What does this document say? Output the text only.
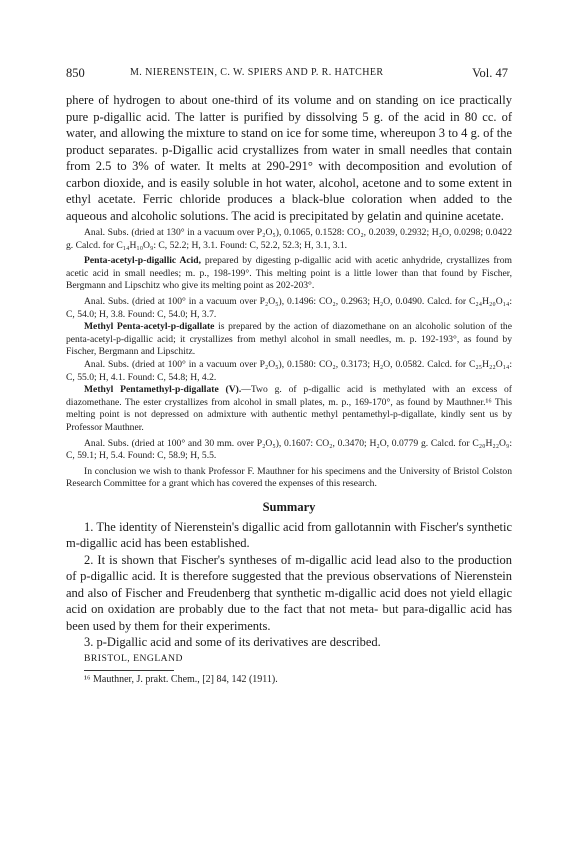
850	M. NIERENSTEIN, C. W. SPIERS AND P. R. HATCHER	Vol. 47

phere of hydrogen to about one-third of its volume and on standing on ice practically pure p-digallic acid. The latter is purified by dissolving 5 g. of the acid in 80 cc. of water, and allowing the mixture to stand on ice for some time, whereupon 3 to 4 g. of the product separates. p-Digallic acid crystallizes from water in small needles that contain from 2.5 to 3% of water. It melts at 290-291° with decomposition and evolution of carbon dioxide, and is easily soluble in hot water, alcohol, acetone and to some extent in ethyl acetate. Ferric chloride produces a black-blue coloration when added to the aqueous and alcoholic solutions. The acid is precipitated by gelatin and quinine acetate.

Anal. Subs. (dried at 130° in a vacuum over P₂O₅), 0.1065, 0.1528: CO₂, 0.2039, 0.2932; H₂O, 0.0298; 0.0422 g. Calcd. for C₁₄H₁₀O₉: C, 52.2; H, 3.1. Found: C, 52.2, 52.3; H, 3.1, 3.1.

Penta-acetyl-p-digallic Acid, prepared by digesting p-digallic acid with acetic anhydride, crystallizes from acetic acid in small needles; m. p., 198-199°. This melting point is a little lower than that found by Fischer, Bergmann and Lipschitz who give its melting point as 202-203°.

Anal. Subs. (dried at 100° in a vacuum over P₂O₅), 0.1496: CO₂, 0.2963; H₂O, 0.0490. Calcd. for C₂₄H₂₀O₁₄: C, 54.0; H, 3.8. Found: C, 54.0; H, 3.7.

Methyl Penta-acetyl-p-digallate is prepared by the action of diazomethane on an alcoholic solution of the penta-acetyl-p-digallic acid; it crystallizes from methyl alcohol in small needles, m. p. 192-193°, as found by Fischer, Bergmann and Lipschitz.

Anal. Subs. (dried at 100° in a vacuum over P₂O₅), 0.1580: CO₂, 0.3173; H₂O, 0.0582. Calcd. for C₂₅H₂₂O₁₄: C, 55.0; H, 4.1. Found: C, 54.8; H, 4.2.

Methyl Pentamethyl-p-digallate (V).—Two g. of p-digallic acid is methylated with an excess of diazomethane. The ester crystallizes from alcohol in small plates, m. p., 169-170°, as found by Mauthner.¹⁶ This melting point is not depressed on admixture with authentic methyl pentamethyl-p-digallate, kindly sent us by Professor Mauthner.

Anal. Subs. (dried at 100° and 30 mm. over P₂O₅), 0.1607: CO₂, 0.3470; H₂O, 0.0779 g. Calcd. for C₂₀H₂₂O₉: C, 59.1; H, 5.4. Found: C, 58.9; H, 5.5.

In conclusion we wish to thank Professor F. Mauthner for his specimens and the University of Bristol Colston Research Committee for a grant which has covered the expenses of this research.

Summary

1. The identity of Nierenstein's digallic acid from gallotannin with Fischer's synthetic m-digallic acid has been established.

2. It is shown that Fischer's syntheses of m-digallic acid lead also to the production of p-digallic acid. It is therefore suggested that the previous observations of Nierenstein and also of Fischer and Freudenberg that synthetic m-digallic acid does not yield ellagic acid on oxidation are probably due to the fact that not meta- but para-digallic acid has been used by them for their experiments.

3. p-Digallic acid and some of its derivatives are described.

BRISTOL, ENGLAND
¹⁶ Mauthner, J. prakt. Chem., [2] 84, 142 (1911).
